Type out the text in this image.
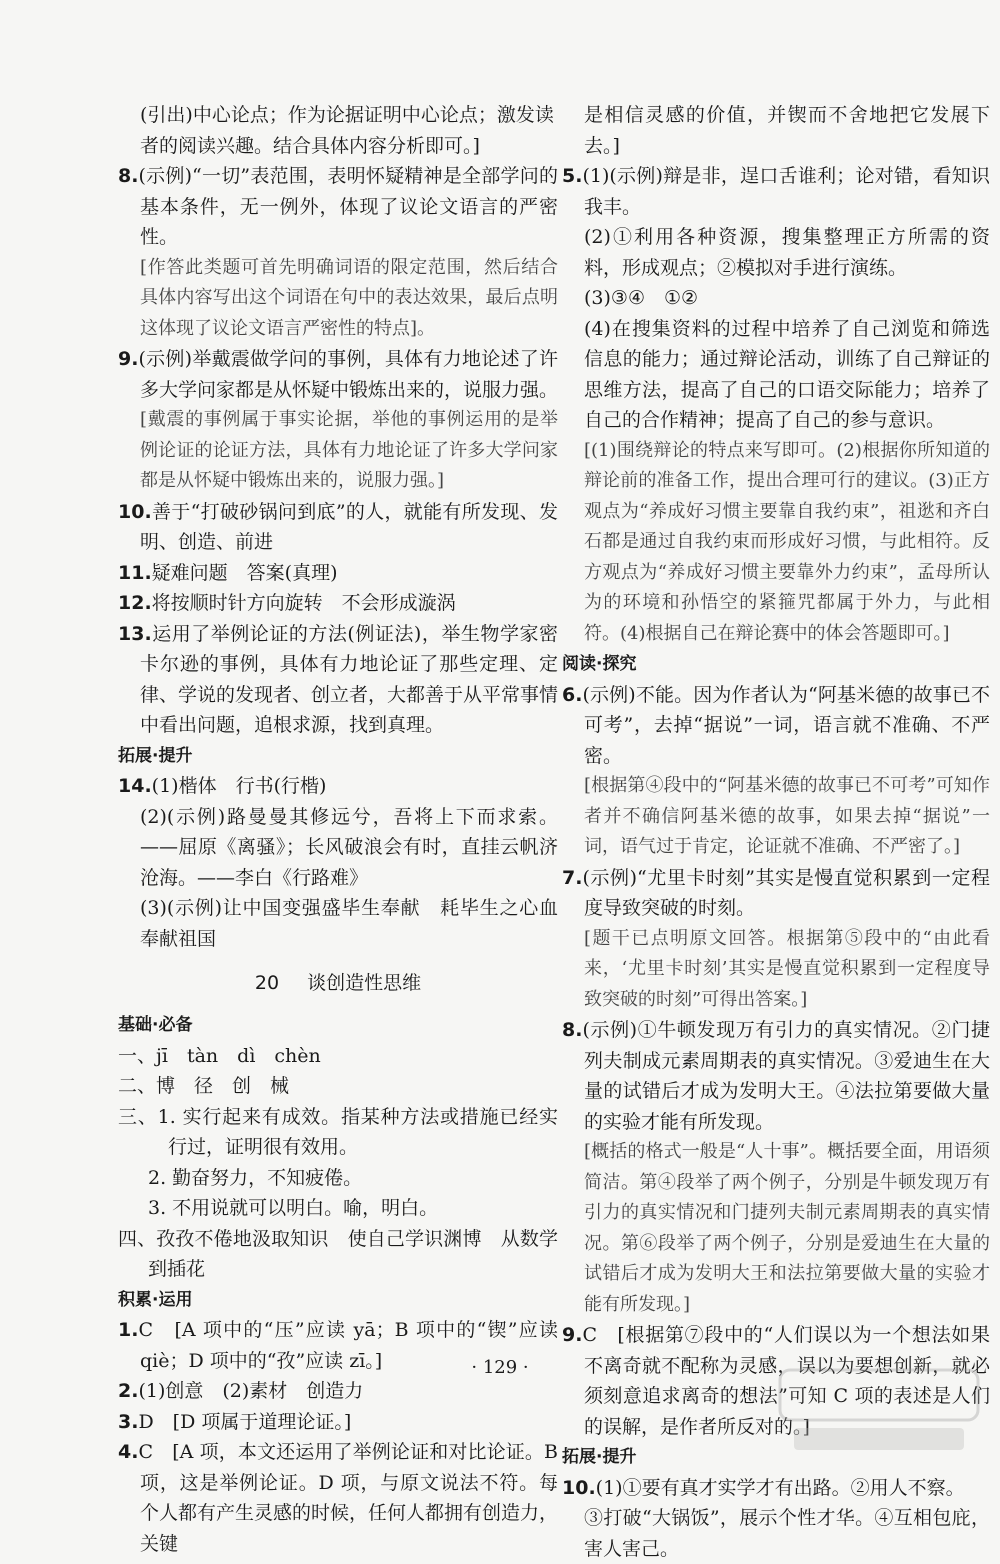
(引出)中心论点；作为论据证明中心论点；激发读

者的阅读兴趣。结合具体内容分析即可。]

8.(示例)“一切”表范围，表明怀疑精神是全部学问的基本条件，无一例外，体现了议论文语言的严密性。

[作答此类题可首先明确词语的限定范围，然后结合具体内容写出这个词语在句中的表达效果，最后点明这体现了议论文语言严密性的特点]。

9.(示例)举戴震做学问的事例，具体有力地论述了许多大学问家都是从怀疑中锻炼出来的，说服力强。

[戴震的事例属于事实论据，举他的事例运用的是举例论证的论证方法，具体有力地论证了许多大学问家都是从怀疑中锻炼出来的，说服力强。]

10.善于“打破砂锅问到底”的人，就能有所发现、发明、创造、前进

11.疑难问题　答案(真理)

12.将按顺时针方向旋转　不会形成漩涡

13.运用了举例论证的方法(例证法)，举生物学家密卡尔逊的事例，具体有力地论证了那些定理、定律、学说的发现者、创立者，大都善于从平常事情中看出问题，追根求源，找到真理。

拓展·提升

14.(1)楷体　行书(行楷)

(2)(示例)路曼曼其修远兮，吾将上下而求索。——屈原《离骚》；长风破浪会有时，直挂云帆济沧海。——李白《行路难》

(3)(示例)让中国变强盛毕生奉献　耗毕生之心血奉献祖国

20 谈创造性思维

基础·必备

一、jī　tàn　dì　chèn

二、博　径　创　械

三、1. 实行起来有成效。指某种方法或措施已经实行过，证明很有效用。

2. 勤奋努力，不知疲倦。

3. 不用说就可以明白。喻，明白。

四、孜孜不倦地汲取知识　使自己学识渊博　从数学到插花

积累·运用

1.C　[A 项中的“压”应读 yā；B 项中的“锲”应读 qiè；D 项中的“孜”应读 zī。]

2.(1)创意　(2)素材　创造力

3.D　[D 项属于道理论证。]

4.C　[A 项，本文还运用了举例论证和对比论证。B 项，这是举例论证。D 项，与原文说法不符。每个人都有产生灵感的时候，任何人都拥有创造力，关键

是相信灵感的价值，并锲而不舍地把它发展下去。]

5.(1)(示例)辩是非，逞口舌谁利；论对错，看知识我丰。

(2)①利用各种资源，搜集整理正方所需的资料，形成观点；②模拟对手进行演练。

(3)③④　①②

(4)在搜集资料的过程中培养了自己浏览和筛选信息的能力；通过辩论活动，训练了自己辩证的思维方法，提高了自己的口语交际能力；培养了自己的合作精神；提高了自己的参与意识。

[(1)围绕辩论的特点来写即可。(2)根据你所知道的辩论前的准备工作，提出合理可行的建议。(3)正方观点为“养成好习惯主要靠自我约束”，祖逖和齐白石都是通过自我约束而形成好习惯，与此相符。反方观点为“养成好习惯主要靠外力约束”，孟母所认为的环境和孙悟空的紧箍咒都属于外力，与此相符。(4)根据自己在辩论赛中的体会答题即可。]

阅读·探究

6.(示例)不能。因为作者认为“阿基米德的故事已不可考”，去掉“据说”一词，语言就不准确、不严密。

[根据第④段中的“阿基米德的故事已不可考”可知作者并不确信阿基米德的故事，如果去掉“据说”一词，语气过于肯定，论证就不准确、不严密了。]

7.(示例)“尤里卡时刻”其实是慢直觉积累到一定程度导致突破的时刻。

[题干已点明原文回答。根据第⑤段中的“由此看来，‘尤里卡时刻’其实是慢直觉积累到一定程度导致突破的时刻”可得出答案。]

8.(示例)①牛顿发现万有引力的真实情况。②门捷列夫制成元素周期表的真实情况。③爱迪生在大量的试错后才成为发明大王。④法拉第要做大量的实验才能有所发现。

[概括的格式一般是“人十事”。概括要全面，用语须简洁。第④段举了两个例子，分别是牛顿发现万有引力的真实情况和门捷列夫制元素周期表的真实情况。第⑥段举了两个例子，分别是爱迪生在大量的试错后才成为发明大王和法拉第要做大量的实验才能有所发现。]

9.C　[根据第⑦段中的“人们误以为一个想法如果不离奇就不配称为灵感，误以为要想创新，就必须刻意追求离奇的想法”可知 C 项的表述是人们的误解，是作者所反对的。]

拓展·提升

10.(1)①要有真才实学才有出路。②用人不察。

③打破“大锅饭”，展示个性才华。④互相包庇，害人害己。

· 129 ·
